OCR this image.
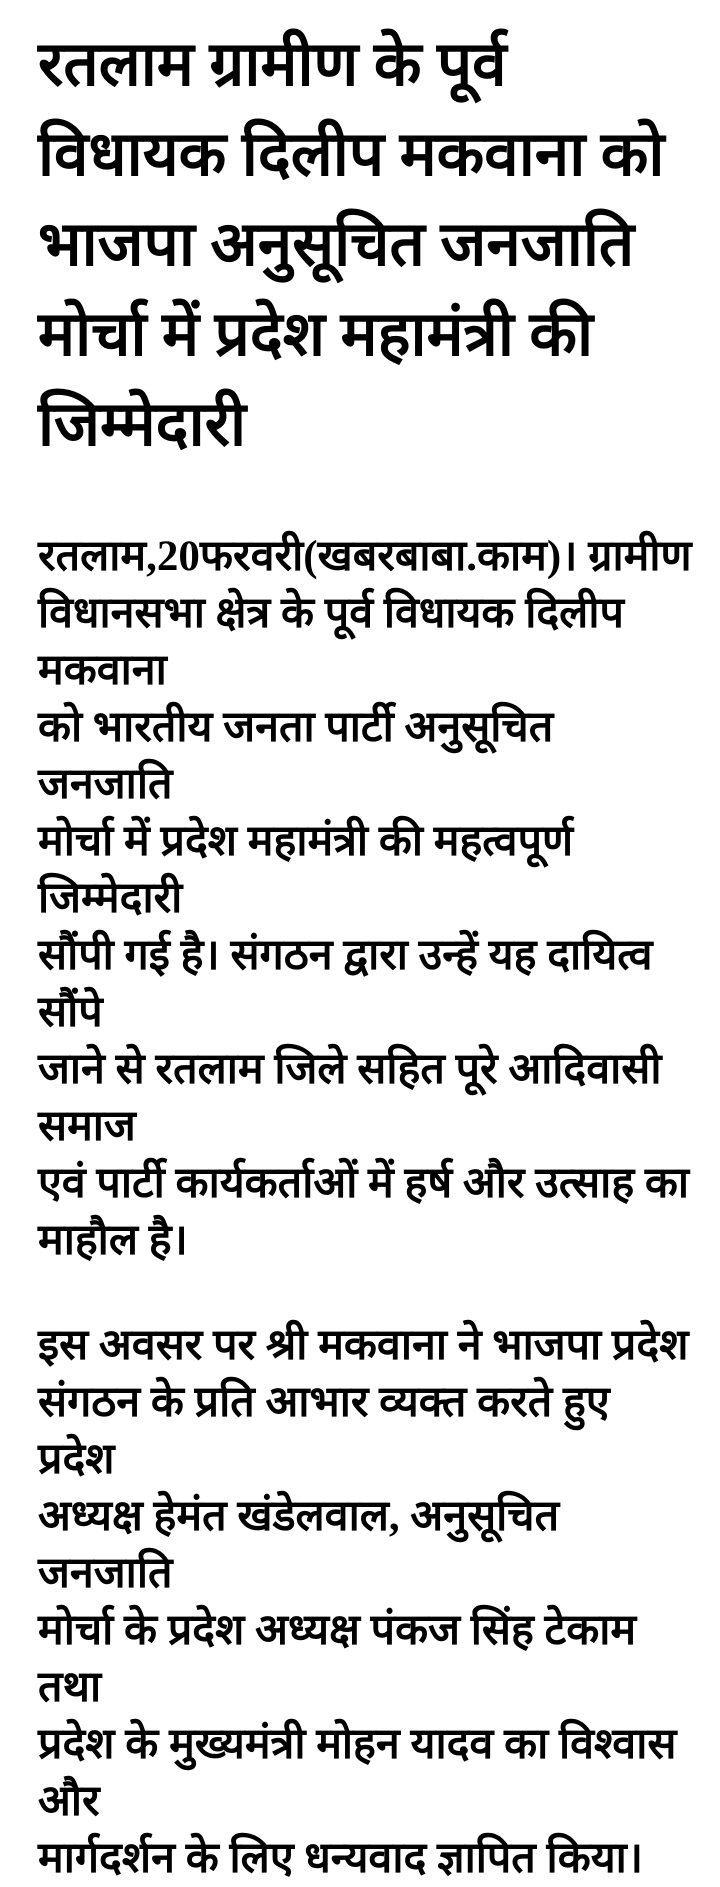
रतलाम ग्रामीण के पूर्व
विधायक दिलीप मकवाना को
भाजपा अनुसूचित जनजाति
मोर्चा में प्रदेश महामंत्री की
जिम्मेदारी
रतलाम,20फरवरी(खबरबाबा.काम)। ग्रामीण
विधानसभा क्षेत्र के पूर्व विधायक दिलीप मकवाना
को भारतीय जनता पार्टी अनुसूचित जनजाति
मोर्चा में प्रदेश महामंत्री की महत्वपूर्ण जिम्मेदारी
सौंपी गई है। संगठन द्वारा उन्हें यह दायित्व सौंपे
जाने से रतलाम जिले सहित पूरे आदिवासी समाज
एवं पार्टी कार्यकर्ताओं में हर्ष और उत्साह का
माहौल है।
इस अवसर पर श्री मकवाना ने भाजपा प्रदेश
संगठन के प्रति आभार व्यक्त करते हुए प्रदेश
अध्यक्ष हेमंत खंडेलवाल, अनुसूचित जनजाति
मोर्चा के प्रदेश अध्यक्ष पंकज सिंह टेकाम तथा
प्रदेश के मुख्यमंत्री मोहन यादव का विश्वास और
मार्गदर्शन के लिए धन्यवाद ज्ञापित किया।
